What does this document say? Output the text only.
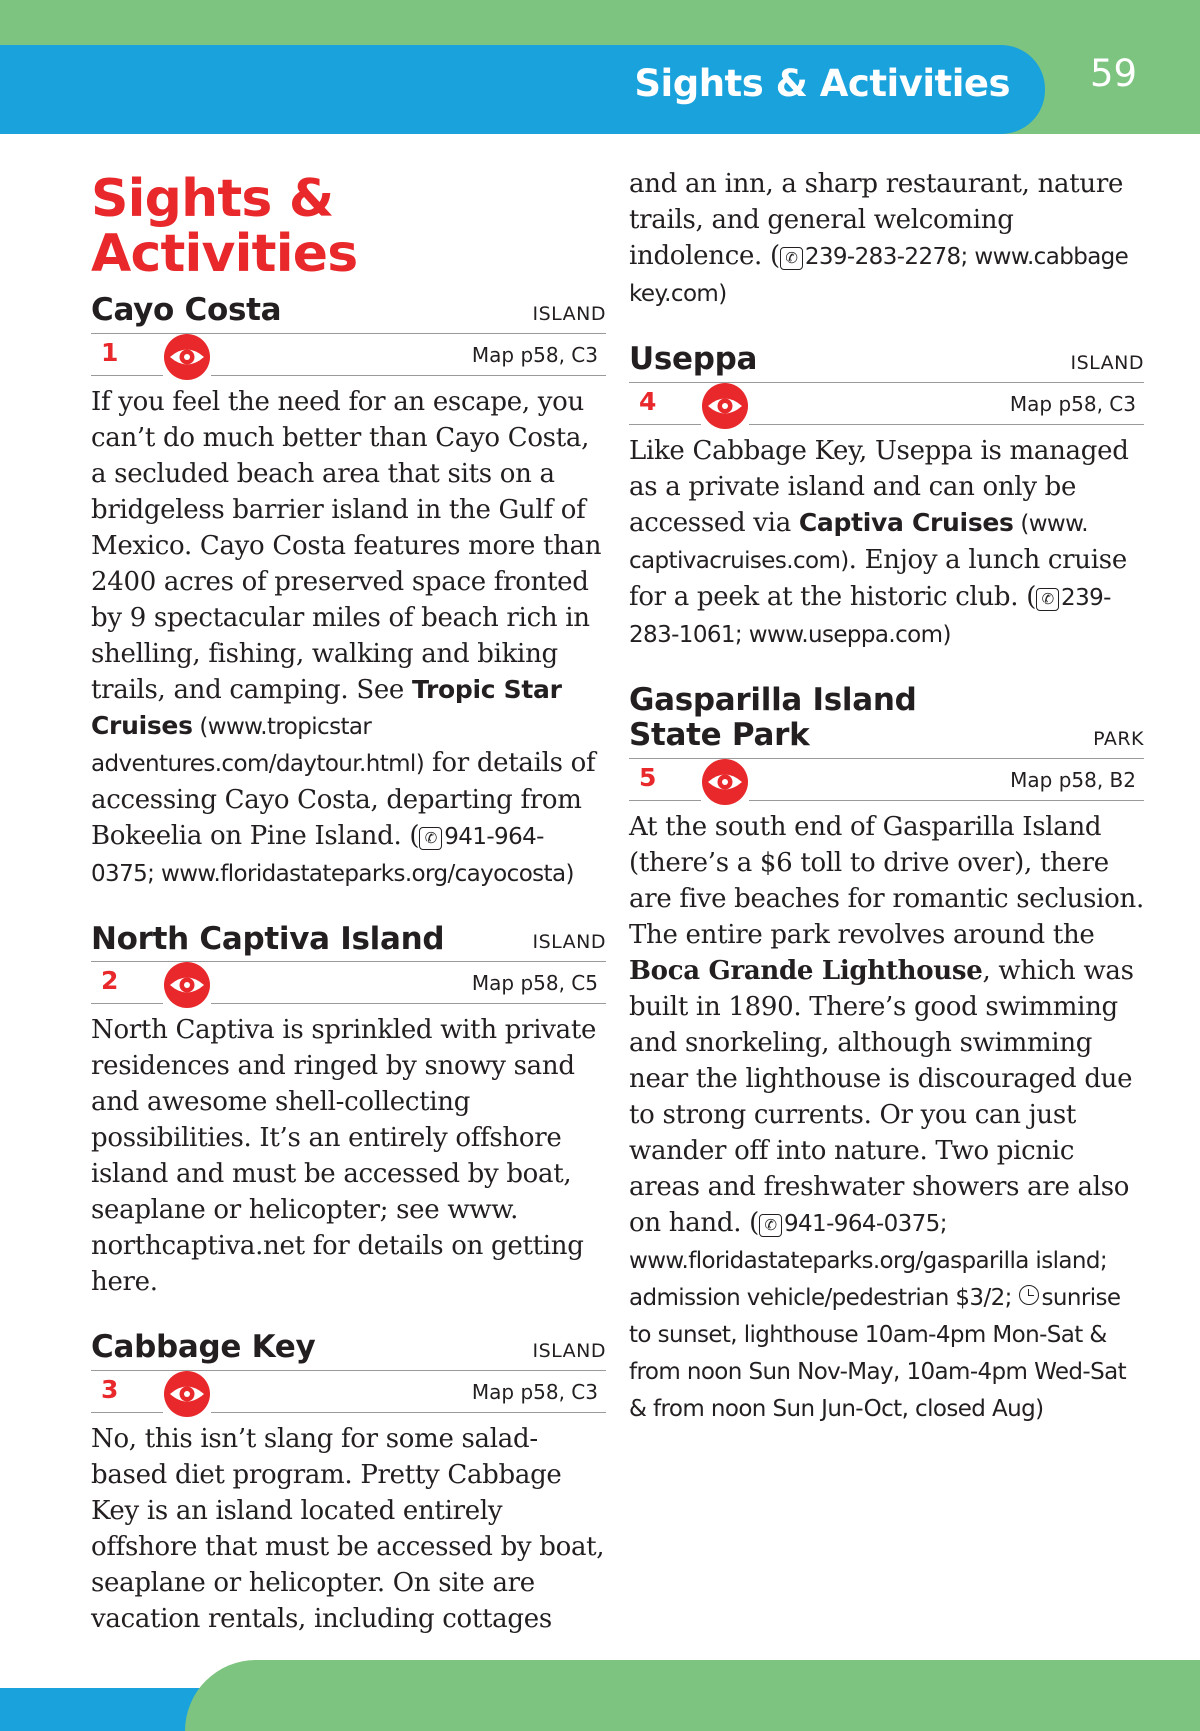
Sights & Activities 59
Sights & Activities
Cayo Costa	ISLAND
1	Map p58, C3
If you feel the need for an escape, you can’t do much better than Cayo Costa, a secluded beach area that sits on a bridgeless barrier island in the Gulf of Mexico. Cayo Costa features more than 2400 acres of preserved space fronted by 9 spectacular miles of beach rich in shelling, fishing, walking and biking trails, and camping. See Tropic Star Cruises (www.tropicstar adventures.com/daytour.html) for details of accessing Cayo Costa, departing from Bokeelia on Pine Island. ( ✆ 941-964-0375; www.floridastateparks.org/cayocosta)
North Captiva Island	ISLAND
2	Map p58, C5
North Captiva is sprinkled with private residences and ringed by snowy sand and awesome shell-collecting possibilities. It’s an entirely offshore island and must be accessed by boat, seaplane or helicopter; see www. northcaptiva.net for details on getting here.
Cabbage Key	ISLAND
3	Map p58, C3
No, this isn’t slang for some salad-based diet program. Pretty Cabbage Key is an island located entirely offshore that must be accessed by boat, seaplane or helicopter. On site are vacation rentals, including cottages
and an inn, a sharp restaurant, nature trails, and general welcoming indolence. ( ✆ 239-283-2278; www.cabbage key.com)
Useppa	ISLAND
4	Map p58, C3
Like Cabbage Key, Useppa is managed as a private island and can only be accessed via Captiva Cruises (www. captivacruises.com). Enjoy a lunch cruise for a peek at the historic club. ( ✆ 239-283-1061; www.useppa.com)
Gasparilla Island
State Park	PARK
5	Map p58, B2
At the south end of Gasparilla Island (there’s a $6 toll to drive over), there are five beaches for romantic seclusion. The entire park revolves around the Boca Grande Lighthouse, which was built in 1890. There’s good swimming and snorkeling, although swimming near the lighthouse is discouraged due to strong currents. Or you can just wander off into nature. Two picnic areas and freshwater showers are also on hand. ( ✆ 941-964-0375; www.floridastateparks.org/gasparilla island; admission vehicle/pedestrian $3/2; sunrise to sunset, lighthouse 10am-4pm Mon-Sat & from noon Sun Nov-May, 10am-4pm Wed-Sat & from noon Sun Jun-Oct, closed Aug)
